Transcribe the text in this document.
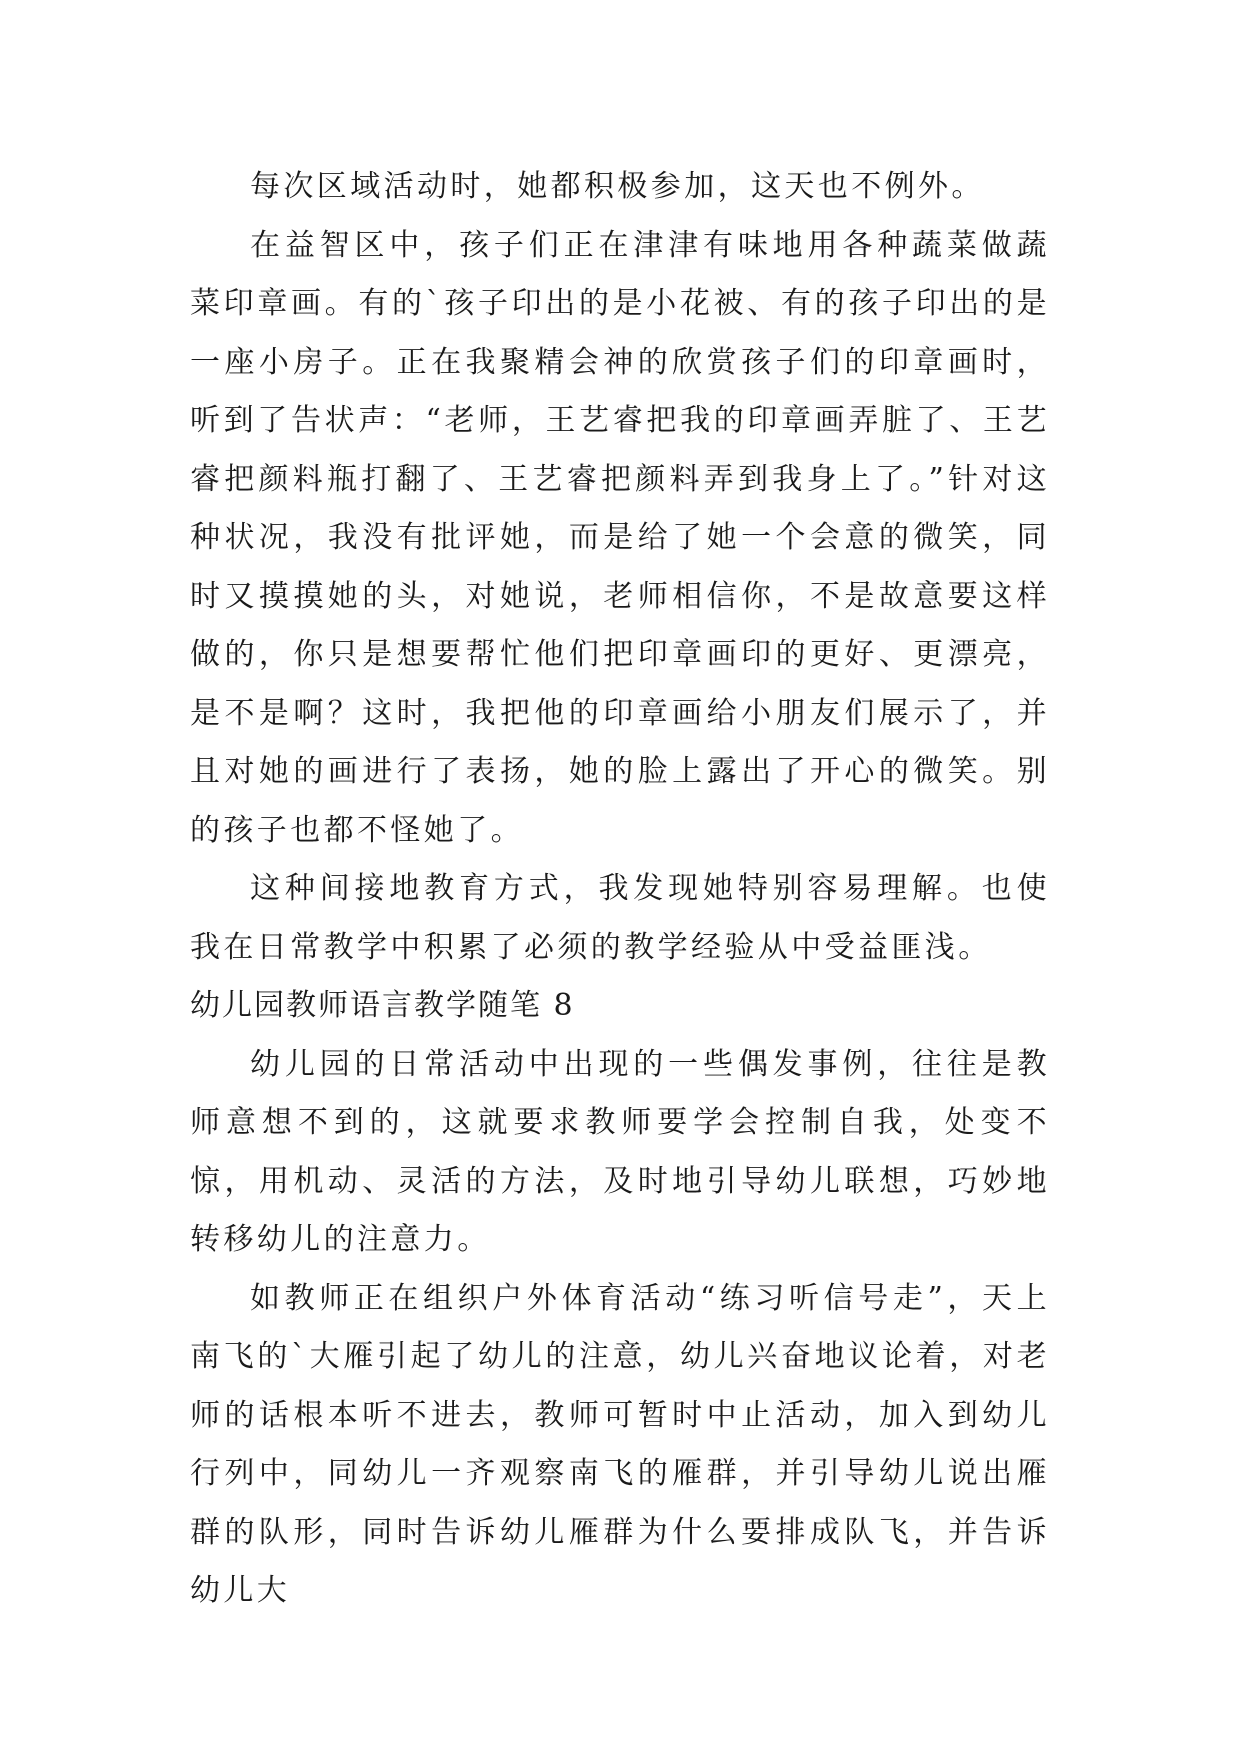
每次区域活动时，她都积极参加，这天也不例外。

在益智区中，孩子们正在津津有味地用各种蔬菜做蔬菜印章画。有的`孩子印出的是小花被、有的孩子印出的是一座小房子。正在我聚精会神的欣赏孩子们的印章画时，听到了告状声：“老师，王艺睿把我的印章画弄脏了、王艺睿把颜料瓶打翻了、王艺睿把颜料弄到我身上了。”针对这种状况，我没有批评她，而是给了她一个会意的微笑，同时又摸摸她的头，对她说，老师相信你，不是故意要这样做的，你只是想要帮忙他们把印章画印的更好、更漂亮，是不是啊？这时，我把他的印章画给小朋友们展示了，并且对她的画进行了表扬，她的脸上露出了开心的微笑。别的孩子也都不怪她了。

这种间接地教育方式，我发现她特别容易理解。也使我在日常教学中积累了必须的教学经验从中受益匪浅。

幼儿园教师语言教学随笔 8

幼儿园的日常活动中出现的一些偶发事例，往往是教师意想不到的，这就要求教师要学会控制自我，处变不惊，用机动、灵活的方法，及时地引导幼儿联想，巧妙地转移幼儿的注意力。

如教师正在组织户外体育活动“练习听信号走”，天上南飞的`大雁引起了幼儿的注意，幼儿兴奋地议论着，对老师的话根本听不进去，教师可暂时中止活动，加入到幼儿行列中，同幼儿一齐观察南飞的雁群，并引导幼儿说出雁群的队形，同时告诉幼儿雁群为什么要排成队飞，并告诉幼儿大
